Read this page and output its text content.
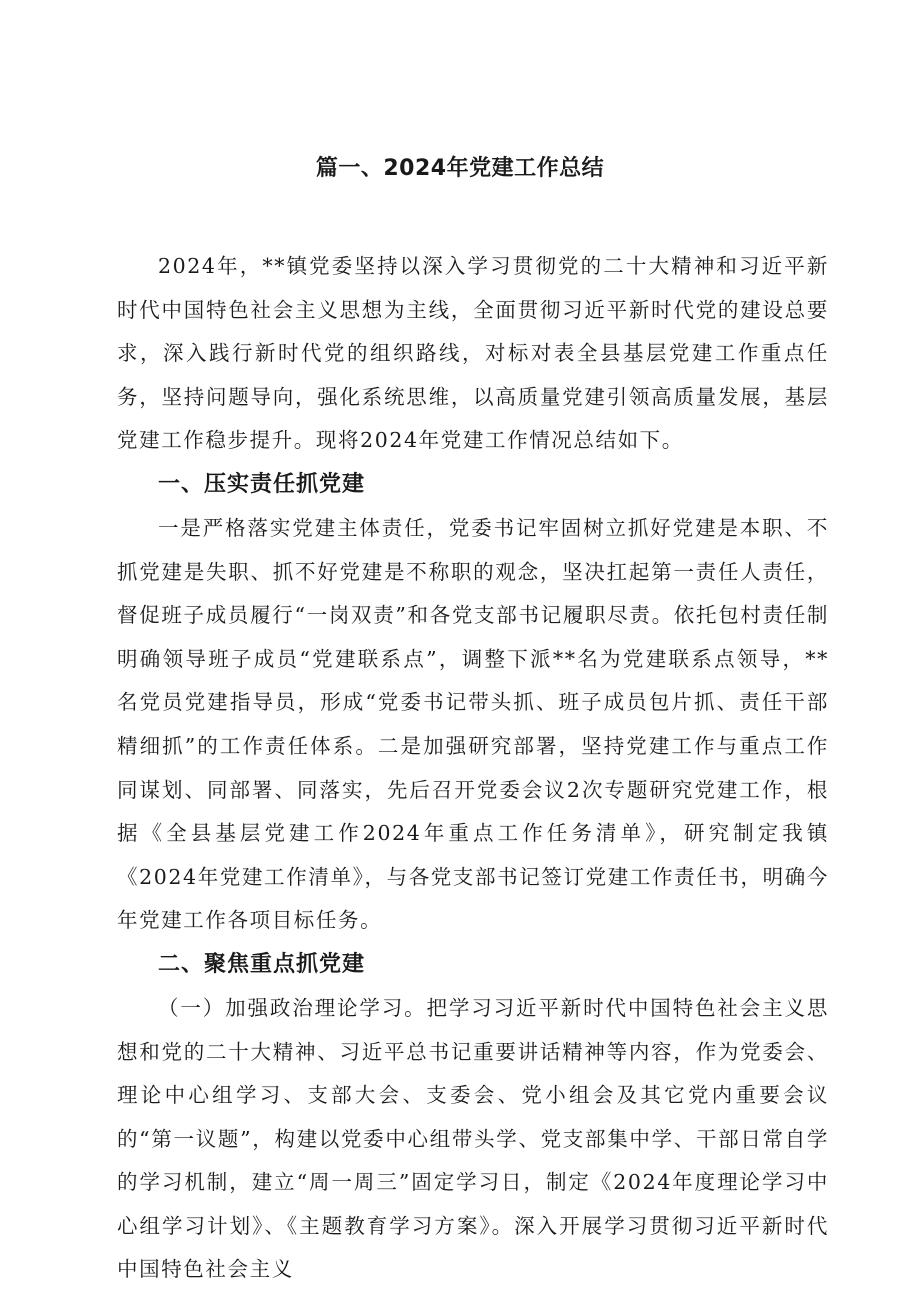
篇一、2024年党建工作总结

2024年，**镇党委坚持以深入学习贯彻党的二十大精神和习近平新时代中国特色社会主义思想为主线，全面贯彻习近平新时代党的建设总要求，深入践行新时代党的组织路线，对标对表全县基层党建工作重点任务，坚持问题导向，强化系统思维，以高质量党建引领高质量发展，基层党建工作稳步提升。现将2024年党建工作情况总结如下。

一、压实责任抓党建

一是严格落实党建主体责任，党委书记牢固树立抓好党建是本职、不抓党建是失职、抓不好党建是不称职的观念，坚决扛起第一责任人责任，督促班子成员履行“一岗双责”和各党支部书记履职尽责。依托包村责任制明确领导班子成员“党建联系点”，调整下派**名为党建联系点领导，**名党员党建指导员，形成“党委书记带头抓、班子成员包片抓、责任干部精细抓”的工作责任体系。二是加强研究部署，坚持党建工作与重点工作同谋划、同部署、同落实，先后召开党委会议2次专题研究党建工作，根据《全县基层党建工作2024年重点工作任务清单》，研究制定我镇《2024年党建工作清单》，与各党支部书记签订党建工作责任书，明确今年党建工作各项目标任务。

二、聚焦重点抓党建

（一）加强政治理论学习。把学习习近平新时代中国特色社会主义思想和党的二十大精神、习近平总书记重要讲话精神等内容，作为党委会、理论中心组学习、支部大会、支委会、党小组会及其它党内重要会议的“第一议题”，构建以党委中心组带头学、党支部集中学、干部日常自学的学习机制，建立“周一周三”固定学习日，制定《2024年度理论学习中心组学习计划》、《主题教育学习方案》。深入开展学习贯彻习近平新时代中国特色社会主义
